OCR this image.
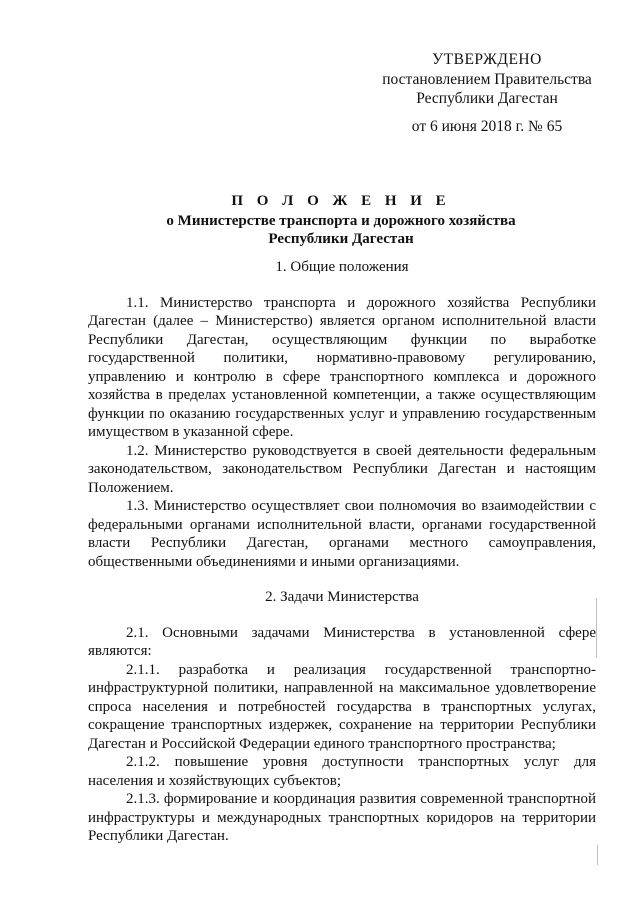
УТВЕРЖДЕНО
постановлением Правительства
Республики Дагестан
от 6 июня 2018 г. № 65
П О Л О Ж Е Н И Е
о Министерстве транспорта и дорожного хозяйства
Республики Дагестан

1. Общие положения

1.1. Министерство транспорта и дорожного хозяйства Республики Дагестан (далее – Министерство) является органом исполнительной власти Республики Дагестан, осуществляющим функции по выработке государственной политики, нормативно-правовому регулированию, управлению и контролю в сфере транспортного комплекса и дорожного хозяйства в пределах установленной компетенции, а также осуществляющим функции по оказанию государственных услуг и управлению государственным имуществом в указанной сфере.

1.2. Министерство руководствуется в своей деятельности федеральным законодательством, законодательством Республики Дагестан и настоящим Положением.

1.3. Министерство осуществляет свои полномочия во взаимодействии с федеральными органами исполнительной власти, органами государственной власти Республики Дагестан, органами местного самоуправления, общественными объединениями и иными организациями.

2. Задачи Министерства

2.1. Основными задачами Министерства в установленной сфере являются:

2.1.1. разработка и реализация государственной транспортно-инфраструктурной политики, направленной на максимальное удовлетворение спроса населения и потребностей государства в транспортных услугах, сокращение транспортных издержек, сохранение на территории Республики Дагестан и Российской Федерации единого транспортного пространства;

2.1.2. повышение уровня доступности транспортных услуг для населения и хозяйствующих субъектов;

2.1.3. формирование и координация развития современной транспортной инфраструктуры и международных транспортных коридоров на территории Республики Дагестан.
